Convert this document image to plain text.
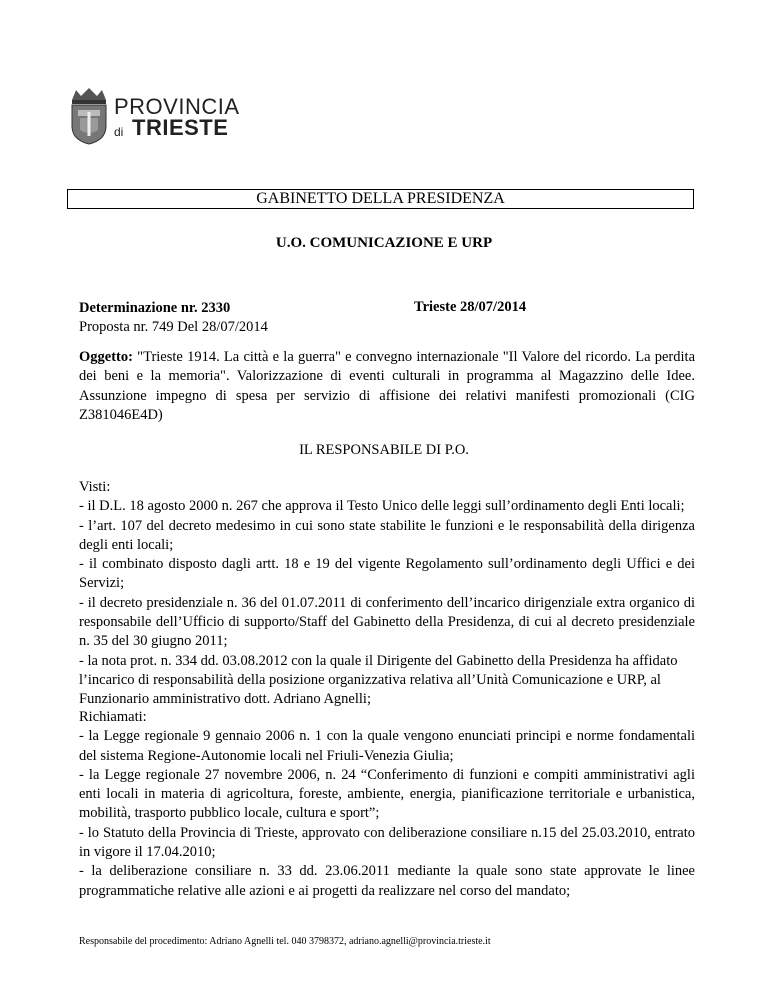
PROVINCIA
di TRIESTE
GABINETTO DELLA PRESIDENZA
U.O. COMUNICAZIONE E URP

Determinazione nr. 2330

Proposta nr. 749 Del 28/07/2014

Trieste 28/07/2014

Oggetto: "Trieste 1914. La città e la guerra" e convegno internazionale "Il Valore del ricordo. La perdita dei beni e la memoria". Valorizzazione di eventi culturali in programma al Magazzino delle Idee. Assunzione impegno di spesa per servizio di affisione dei relativi manifesti promozionali (CIG Z381046E4D)

IL RESPONSABILE DI P.O.

Visti:

- il D.L. 18 agosto 2000 n. 267 che approva il Testo Unico delle leggi sull’ordinamento degli Enti locali;

- l’art. 107 del decreto medesimo in cui sono state stabilite le funzioni e le responsabilità della dirigenza degli enti locali;

- il combinato disposto dagli artt. 18 e 19 del vigente Regolamento sull’ordinamento degli Uffici e dei Servizi;

- il decreto presidenziale n. 36 del 01.07.2011 di conferimento dell’incarico dirigenziale extra organico di responsabile dell’Ufficio di supporto/Staff del Gabinetto della Presidenza, di cui al decreto presidenziale n. 35 del 30 giugno 2011;

- la nota prot. n. 334 dd. 03.08.2012 con la quale il Dirigente del Gabinetto della Presidenza ha affidato l’incarico di responsabilità della posizione organizzativa relativa all’Unità Comunicazione e URP, al Funzionario amministrativo dott. Adriano Agnelli;

Richiamati:

- la Legge regionale 9 gennaio 2006 n. 1 con la quale vengono enunciati principi e norme fondamentali del sistema Regione-Autonomie locali nel Friuli-Venezia Giulia;

- la Legge regionale 27 novembre 2006, n. 24 “Conferimento di funzioni e compiti amministrativi agli enti locali in materia di agricoltura, foreste, ambiente, energia, pianificazione territoriale e urbanistica, mobilità, trasporto pubblico locale, cultura e sport”;

- lo Statuto della Provincia di Trieste, approvato con deliberazione consiliare n.15 del 25.03.2010, entrato in vigore il 17.04.2010;

- la deliberazione consiliare n. 33 dd. 23.06.2011 mediante la quale sono state approvate le linee programmatiche relative alle azioni e ai progetti da realizzare nel corso del mandato;

Responsabile del procedimento: Adriano Agnelli tel. 040 3798372, adriano.agnelli@provincia.trieste.it
